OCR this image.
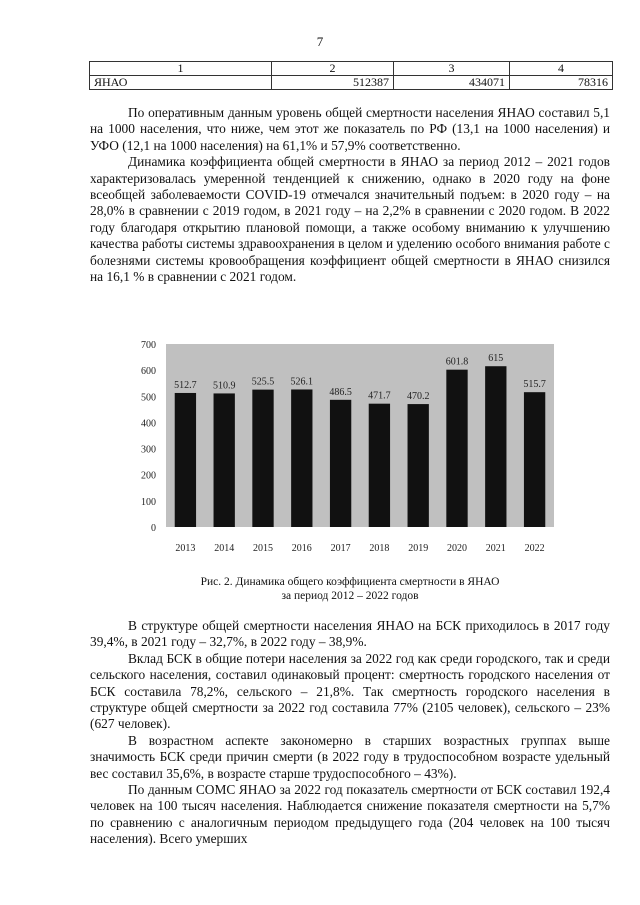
7
1	2	3	4
ЯНАО	512387	434071	78316

По оперативным данным уровень общей смертности населения ЯНАО составил 5,1 на 1000 населения, что ниже, чем этот же показатель по РФ (13,1 на 1000 населения) и УФО (12,1 на 1000 населения) на 61,1% и 57,9% соответственно.

Динамика коэффициента общей смертности в ЯНАО за период 2012 – 2021 годов характеризовалась умеренной тенденцией к снижению, однако в 2020 году на фоне всеобщей заболеваемости COVID-19 отмечался значительный подъем: в 2020 году – на 28,0% в сравнении с 2019 годом, в 2021 году – на 2,2% в сравнении с 2020 годом. В 2022 году благодаря открытию плановой помощи, а также особому вниманию к улучшению качества работы системы здравоохранения в целом и уделению особого внимания работе с болезнями системы кровообращения коэффициент общей смертности в ЯНАО снизился на 16,1 % в сравнении с 2021 годом.

0
100
200
300
400
500
600
700
512.7
2013
510.9
2014
525.5
2015
526.1
2016
486.5
2017
471.7
2018
470.2
2019
601.8
2020
615
2021
515.7
2022
Рис. 2. Динамика общего коэффициента смертности в ЯНАО
за период 2012 – 2022 годов

В структуре общей смертности населения ЯНАО на БСК приходилось в 2017 году 39,4%, в 2021 году – 32,7%, в 2022 году – 38,9%.

Вклад БСК в общие потери населения за 2022 год как среди городского, так и среди сельского населения, составил одинаковый процент: смертность городского населения от БСК составила 78,2%, сельского – 21,8%. Так смертность городского населения в структуре общей смертности за 2022 год составила 77% (2105 человек), сельского – 23% (627 человек).

В возрастном аспекте закономерно в старших возрастных группах выше значимость БСК среди причин смерти (в 2022 году в трудоспособном возрасте удельный вес составил 35,6%, в возрасте старше трудоспособного – 43%).

По данным СОМС ЯНАО за 2022 год показатель смертности от БСК составил 192,4 человек на 100 тысяч населения. Наблюдается снижение показателя смертности на 5,7% по сравнению с аналогичным периодом предыдущего года (204 человек на 100 тысяч населения). Всего умерших
